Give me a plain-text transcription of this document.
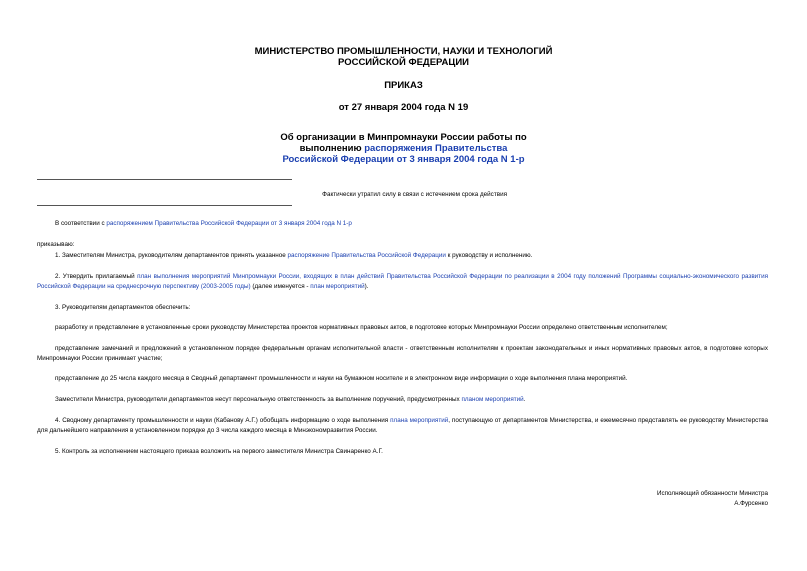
МИНИСТЕРСТВО ПРОМЫШЛЕННОСТИ, НАУКИ И ТЕХНОЛОГИЙ
РОССИЙСКОЙ ФЕДЕРАЦИИ
ПРИКАЗ
от 27 января 2004 года N 19
Об организации в Минпромнауки России работы по
выполнению распоряжения Правительства
Российской Федерации от 3 января 2004 года N 1-р
Фактически утратил силу в связи с истечением срока действия
В соответствии с распоряжением Правительства Российской Федерации от 3 января 2004 года N 1-р
приказываю:
1. Заместителям Министра, руководителям департаментов принять указанное распоряжение Правительства Российской Федерации к руководству и исполнению.
2. Утвердить прилагаемый план выполнения мероприятий Минпромнауки России, входящих в план действий Правительства Российской Федерации по реализации в 2004 году положений Программы социально-экономического развития Российской Федерации на среднесрочную перспективу (2003-2005 годы) (далее именуется - план мероприятий).
3. Руководителям департаментов обеспечить:
разработку и представление в установленные сроки руководству Министерства проектов нормативных правовых актов, в подготовке которых Минпромнауки России определено ответственным исполнителем;
представление замечаний и предложений в установленном порядке федеральным органам исполнительной власти - ответственным исполнителям к проектам законодательных и иных нормативных правовых актов, в подготовке которых Минпромнауки России принимает участие;
представление до 25 числа каждого месяца в Сводный департамент промышленности и науки на бумажном носителе и в электронном виде информации о ходе выполнения плана мероприятий.
Заместители Министра, руководители департаментов несут персональную ответственность за выполнение поручений, предусмотренных планом мероприятий.
4. Сводному департаменту промышленности и науки (Кабанову А.Г.) обобщать информацию о ходе выполнения плана мероприятий, поступающую от департаментов Министерства, и ежемесячно представлять ее руководству Министерства для дальнейшего направления в установленном порядке до 3 числа каждого месяца в Минэкономразвития России.
5. Контроль за исполнением настоящего приказа возложить на первого заместителя Министра Свинаренко А.Г.
Исполняющий обязанности Министра
А.Фурсенко
